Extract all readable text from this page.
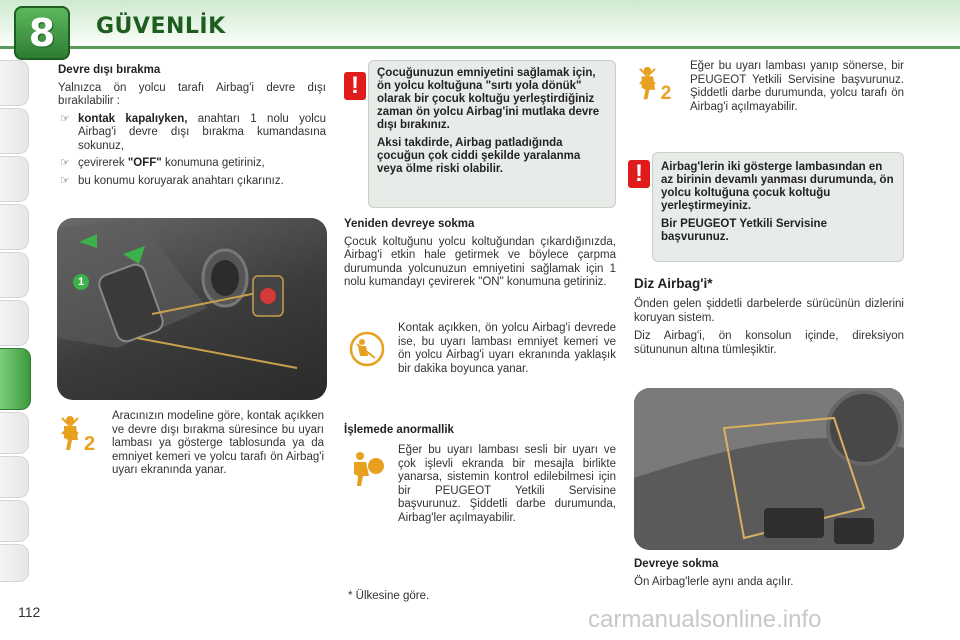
8	GÜVENLİK
Devre dışı bırakma
Yalnızca ön yolcu tarafı Airbag'i devre dışı bırakılabilir :
☞ kontak kapalıyken, anahtarı 1 nolu yolcu Airbag'i devre dışı bırakma kumandasına sokunuz,
☞ çevirerek "OFF" konumuna getiriniz,
☞ bu konumu koruyarak anahtarı çıkarınız.
1
2
Aracınızın modeline göre, kontak açıkken ve devre dışı bırakma süresince bu uyarı lambası ya gösterge tablosunda ya da emniyet kemeri ve yolcu tarafı ön Airbag'i uyarı ekranında yanar.

Çocuğunuzun emniyetini sağlamak için, ön yolcu koltuğuna "sırtı yola dönük" olarak bir çocuk koltuğu yerleştirdiğiniz zaman ön yolcu Airbag'ini mutlaka devre dışı bırakınız.

Aksi takdirde, Airbag patladığında çocuğun çok ciddi şekilde yaralanma veya ölme riski olabilir.

!
Yeniden devreye sokma
Çocuk koltuğunu yolcu koltuğundan çıkardığınızda, Airbag'i etkin hale getirmek ve böylece çarpma durumunda yolcunuzun emniyetini sağlamak için 1 nolu kumandayı çevirerek "ON" konumuna getiriniz.
Kontak açıkken, ön yolcu Airbag'i devrede ise, bu uyarı lambası emniyet kemeri ve ön yolcu Airbag'i uyarı ekranında yaklaşık bir dakika boyunca yanar.
İşlemede anormallik
Eğer bu uyarı lambası sesli bir uyarı ve çok işlevli ekranda bir mesajla birlikte yanarsa, sistemin kontrol edilebilmesi için bir PEUGEOT Yetkili Servisine başvurunuz. Şiddetli darbe durumunda, Airbag'ler açılmayabilir.
* Ülkesine göre.
2
Eğer bu uyarı lambası yanıp sönerse, bir PEUGEOT Yetkili Servisine başvurunuz. Şiddetli darbe durumunda, yolcu tarafı ön Airbag'i açılmayabilir.

Airbag'lerin iki gösterge lambasından en az birinin devamlı yanması durumunda, ön yolcu koltuğuna çocuk koltuğu yerleştirmeyiniz.

Bir PEUGEOT Yetkili Servisine başvurunuz.

!
Diz Airbag'i*
Önden gelen şiddetli darbelerde sürücünün dizlerini koruyan sistem.
Diz Airbag'i, ön konsolun içinde, direksiyon sütununun altına tümleşiktir.
Devreye sokma
Ön Airbag'lerle aynı anda açılır.
112	carmanualsonline.info
